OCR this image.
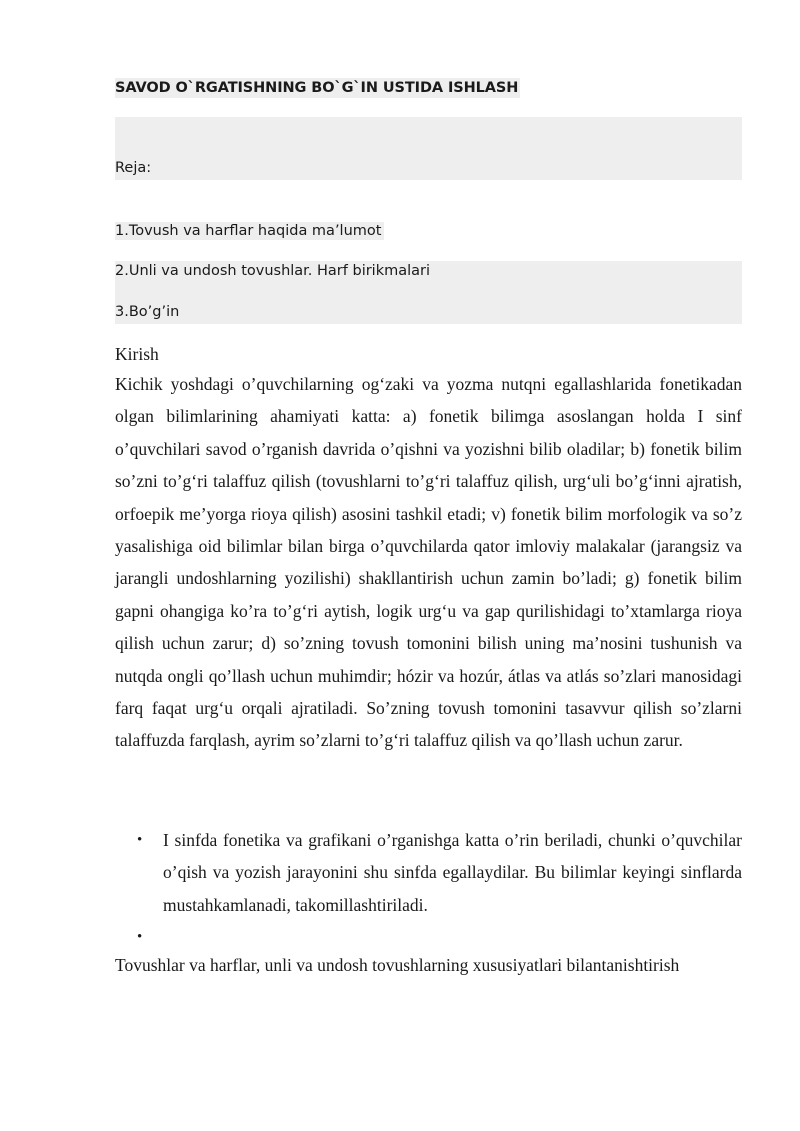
SAVOD O`RGATISHNING BO`G`IN USTIDA ISHLASH
Reja:
1.Tovush va harflar haqida ma’lumot
2.Unli va undosh tovushlar. Harf birikmalari
3.Bo’g’in
Kirish

Kichik yoshdagi o’quvchilarning og‘zaki va yozma nutqni egallashlarida fonetikadan olgan bilimlarining ahamiyati katta: a) fonetik bilimga asoslangan holda I sinf o’quvchilari savod o’rganish davrida o’qishni va yozishni bilib oladilar; b) fonetik bilim so’zni to’g‘ri talaffuz qilish (tovushlarni to’g‘ri talaffuz qilish, urg‘uli bo’g‘inni ajratish, orfoepik me’yorga rioya qilish) asosini tashkil etadi; v) fonetik bilim morfologik va so’z yasalishiga oid bilimlar bilan birga o’quvchilarda qator imloviy malakalar (jarangsiz va jarangli undoshlarning yozilishi) shakllantirish uchun zamin bo’ladi; g) fonetik bilim gapni ohangiga ko’ra to’g‘ri aytish, logik urg‘u va gap qurilishidagi to’xtamlarga rioya qilish uchun zarur; d) so’zning tovush tomonini bilish uning ma’nosini tushunish va nutqda ongli qo’llash uchun muhimdir; hózir va hozúr, átlas va atlás so’zlari manosidagi farq faqat urg‘u orqali ajratiladi. So’zning tovush tomonini tasavvur qilish so’zlarni talaffuzda farqlash, ayrim so’zlarni to’g‘ri talaffuz qilish va qo’llash uchun zarur.

• I sinfda fonetika va grafikani o’rganishga katta o’rin beriladi, chunki o’quvchilar o’qish va yozish jarayonini shu sinfda egallaydilar. Bu bilimlar keyingi sinflarda mustahkamlanadi, takomillashtiriladi.
•
Tovushlar va harflar, unli va undosh tovushlarning xususiyatlari bilantanishtirish
